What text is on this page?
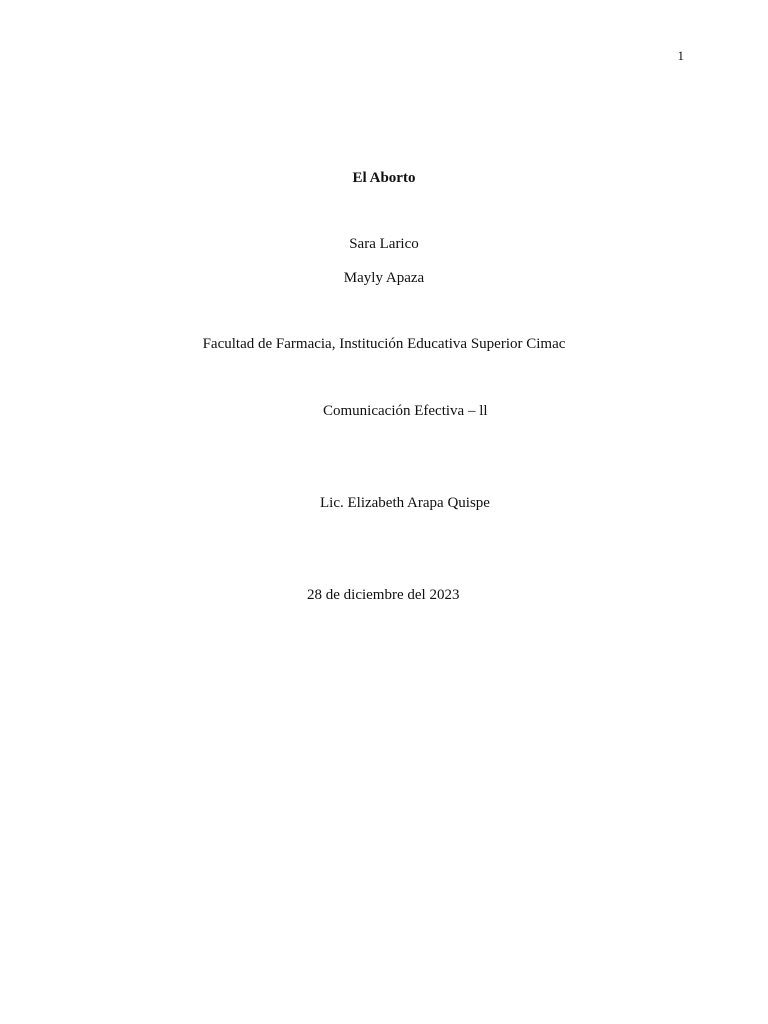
1
El Aborto
Sara Larico
Mayly Apaza
Facultad de Farmacia, Institución Educativa Superior Cimac
Comunicación Efectiva – ll
Lic. Elizabeth Arapa Quispe
28 de diciembre del 2023
